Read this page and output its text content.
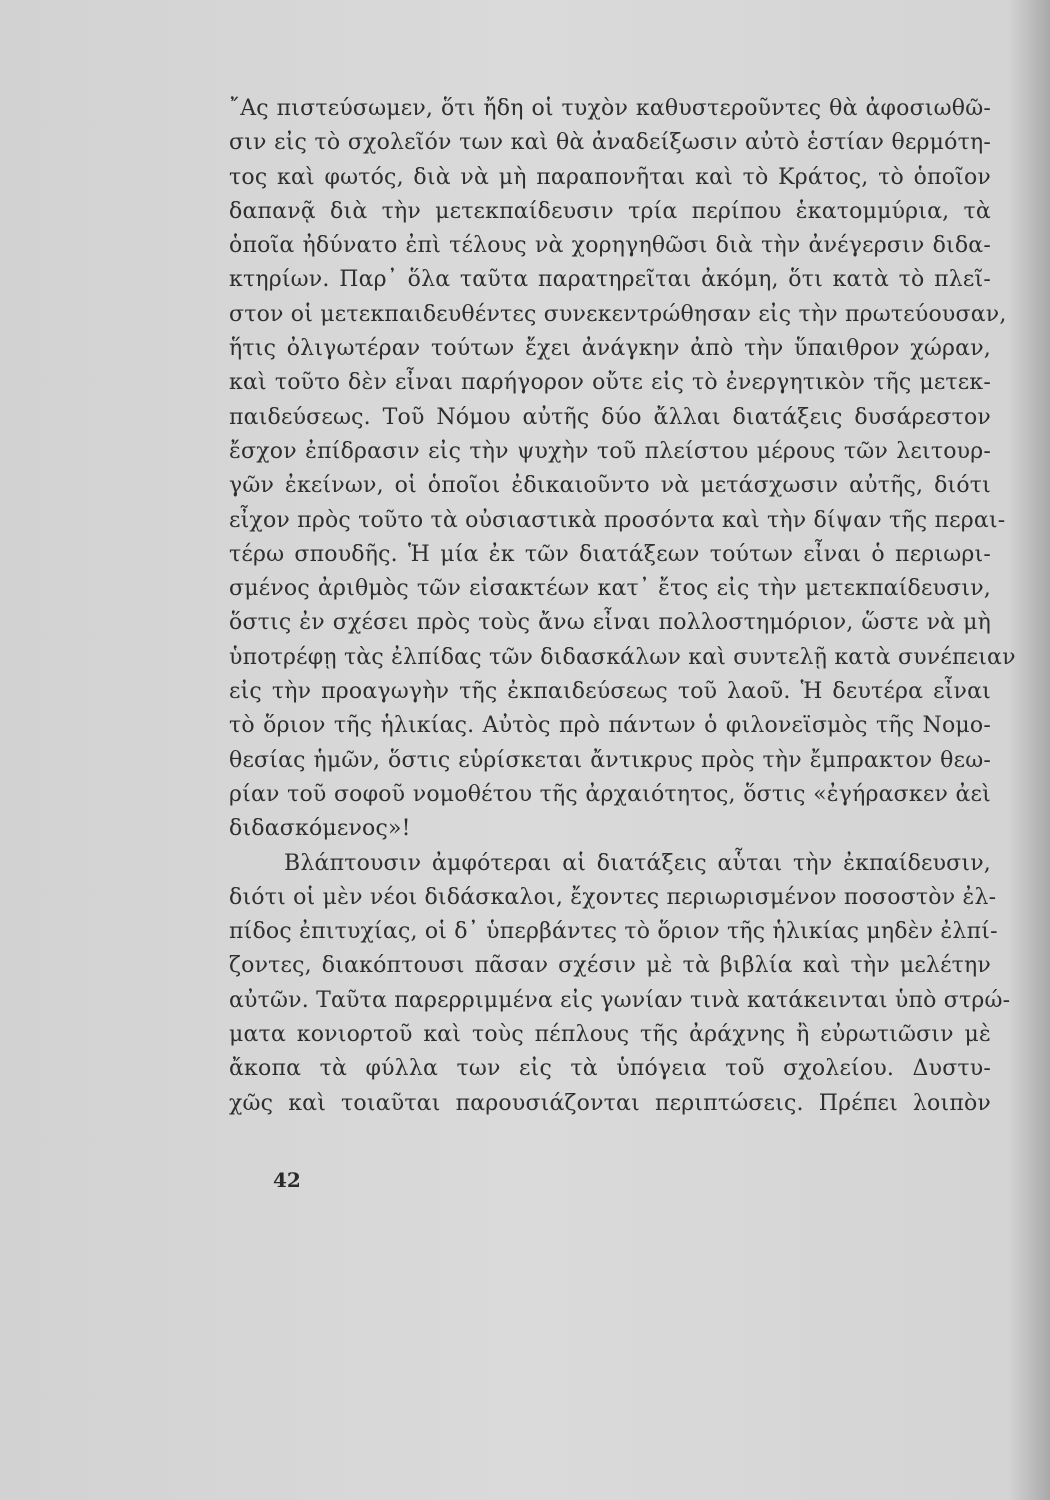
῎Ας πιστεύσωμεν, ὅτι ἤδη οἱ τυχὸν καθυστεροῦντες θὰ ἀφοσιωθῶ-
σιν εἰς τὸ σχολεῖόν των καὶ θὰ ἀναδείξωσιν αὐτὸ ἑστίαν θερμότη-
τος καὶ φωτός, διὰ νὰ μὴ παραπονῆται καὶ τὸ Κράτος, τὸ ὁποῖον
δαπανᾷ διὰ τὴν μετεκπαίδευσιν τρία περίπου ἑκατομμύρια, τὰ
ὁποῖα ἠδύνατο ἐπὶ τέλους νὰ χορηγηθῶσι διὰ τὴν ἀνέγερσιν διδα-
κτηρίων. Παρ᾿ ὅλα ταῦτα παρατηρεῖται ἀκόμη, ὅτι κατὰ τὸ πλεῖ-
στον οἱ μετεκπαιδευθέντες συνεκεντρώθησαν εἰς τὴν πρωτεύουσαν,
ἥτις ὀλιγωτέραν τούτων ἔχει ἀνάγκην ἀπὸ τὴν ὕπαιθρον χώραν,
καὶ τοῦτο δὲν εἶναι παρήγορον οὔτε εἰς τὸ ἐνεργητικὸν τῆς μετεκ-
παιδεύσεως. Τοῦ Νόμου αὐτῆς δύο ἄλλαι διατάξεις δυσάρεστον
ἔσχον ἐπίδρασιν εἰς τὴν ψυχὴν τοῦ πλείστου μέρους τῶν λειτουρ-
γῶν ἐκείνων, οἱ ὁποῖοι ἐδικαιοῦντο νὰ μετάσχωσιν αὐτῆς, διότι
εἶχον πρὸς τοῦτο τὰ οὐσιαστικὰ προσόντα καὶ τὴν δίψαν τῆς περαι-
τέρω σπουδῆς. Ἡ μία ἐκ τῶν διατάξεων τούτων εἶναι ὁ περιωρι-
σμένος ἀριθμὸς τῶν εἰσακτέων κατ᾿ ἔτος εἰς τὴν μετεκπαίδευσιν,
ὅστις ἐν σχέσει πρὸς τοὺς ἄνω εἶναι πολλοστημόριον, ὥστε νὰ μὴ
ὑποτρέφῃ τὰς ἐλπίδας τῶν διδασκάλων καὶ συντελῇ κατὰ συνέπειαν
εἰς τὴν προαγωγὴν τῆς ἐκπαιδεύσεως τοῦ λαοῦ. Ἡ δευτέρα εἶναι
τὸ ὅριον τῆς ἡλικίας. Αὐτὸς πρὸ πάντων ὁ φιλονεϊσμὸς τῆς Νομο-
θεσίας ἡμῶν, ὅστις εὑρίσκεται ἄντικρυς πρὸς τὴν ἔμπρακτον θεω-
ρίαν τοῦ σοφοῦ νομοθέτου τῆς ἀρχαιότητος, ὅστις «ἐγήρασκεν ἀεὶ
διδασκόμενος»!
Βλάπτουσιν ἀμφότεραι αἱ διατάξεις αὗται τὴν ἐκπαίδευσιν,
διότι οἱ μὲν νέοι διδάσκαλοι, ἔχοντες περιωρισμένον ποσοστὸν ἐλ-
πίδος ἐπιτυχίας, οἱ δ᾿ ὑπερβάντες τὸ ὅριον τῆς ἡλικίας μηδὲν ἐλπί-
ζοντες, διακόπτουσι πᾶσαν σχέσιν μὲ τὰ βιβλία καὶ τὴν μελέτην
αὐτῶν. Ταῦτα παρερριμμένα εἰς γωνίαν τινὰ κατάκεινται ὑπὸ στρώ-
ματα κονιορτοῦ καὶ τοὺς πέπλους τῆς ἀράχνης ἢ εὐρωτιῶσιν μὲ
ἄκοπα τὰ φύλλα των εἰς τὰ ὑπόγεια τοῦ σχολείου. Δυστυ-
χῶς καὶ τοιαῦται παρουσιάζονται περιπτώσεις. Πρέπει λοιπὸν
42
